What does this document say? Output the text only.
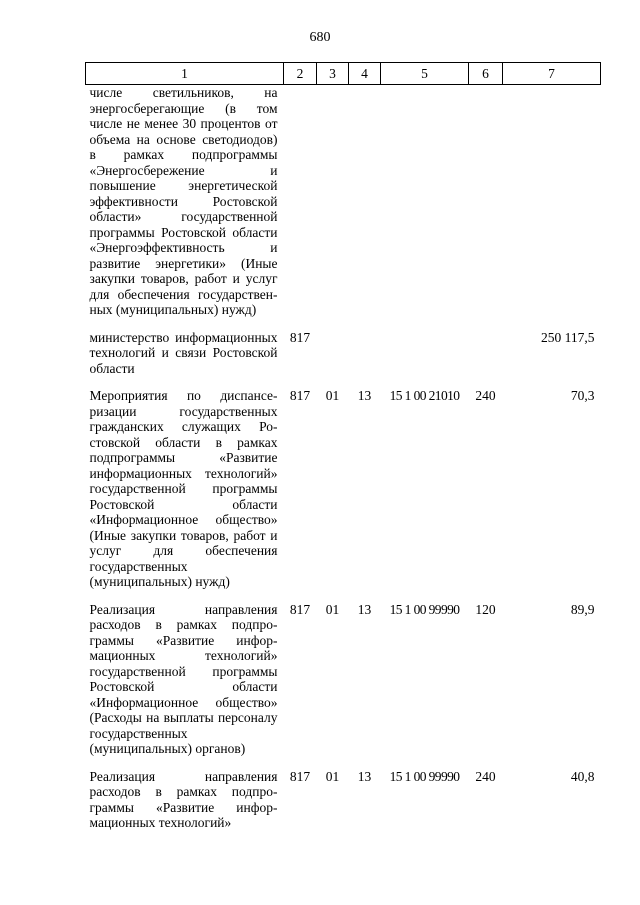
680
1	2	3	4	5	6	7
числе светильников, на энергосберегающие (в том числе не менее 30 процентов от объема на основе светодиодов) в рамках подпрограммы «Энергосбережение и повышение энергетической эффективности Ростовской области» государственной программы Ростовской области «Энергоэффективность и развитие энергетики» (Иные закупки товаров, работ и услуг для обеспечения государственных (муниципальных) нужд)						
министерство информационных технологий и связи Ростовской области	817					250 117,5
Мероприятия по диспансеризации государственных гражданских служащих Ростовской области в рамках подпрограммы «Развитие информационных технологий» государственной программы Ростовской области «Информационное общество» (Иные закупки товаров, работ и услуг для обеспечения государственных (муниципальных) нужд)	817	01	13	15 1 00 21010	240	70,3
Реализация направления расходов в рамках подпрограммы «Развитие информационных технологий» государственной программы Ростовской области «Информационное общество» (Расходы на выплаты персоналу государственных (муниципальных) органов)	817	01	13	15 1 00 99990	120	89,9
Реализация направления расходов в рамках подпрограммы «Развитие информационных технологий»	817	01	13	15 1 00 99990	240	40,8
